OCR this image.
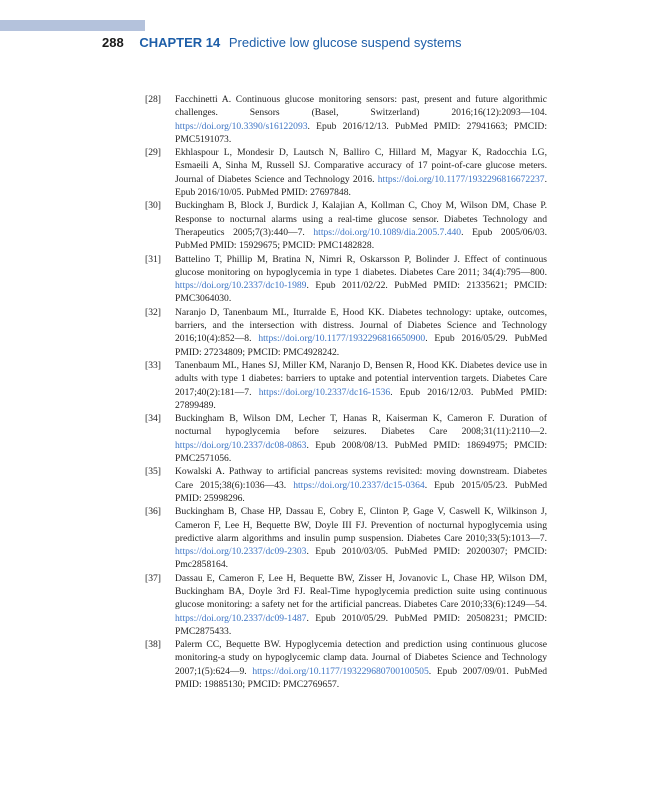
288 CHAPTER 14 Predictive low glucose suspend systems
[28] Facchinetti A. Continuous glucose monitoring sensors: past, present and future algorithmic challenges. Sensors (Basel, Switzerland) 2016;16(12):2093—104. https://doi.org/10.3390/s16122093. Epub 2016/12/13. PubMed PMID: 27941663; PMCID: PMC5191073.
[29] Ekhlaspour L, Mondesir D, Lautsch N, Balliro C, Hillard M, Magyar K, Radocchia LG, Esmaeili A, Sinha M, Russell SJ. Comparative accuracy of 17 point-of-care glucose meters. Journal of Diabetes Science and Technology 2016. https://doi.org/10.1177/1932296816672237. Epub 2016/10/05. PubMed PMID: 27697848.
[30] Buckingham B, Block J, Burdick J, Kalajian A, Kollman C, Choy M, Wilson DM, Chase P. Response to nocturnal alarms using a real-time glucose sensor. Diabetes Technology and Therapeutics 2005;7(3):440—7. https://doi.org/10.1089/dia.2005.7.440. Epub 2005/06/03. PubMed PMID: 15929675; PMCID: PMC1482828.
[31] Battelino T, Phillip M, Bratina N, Nimri R, Oskarsson P, Bolinder J. Effect of continuous glucose monitoring on hypoglycemia in type 1 diabetes. Diabetes Care 2011; 34(4):795—800. https://doi.org/10.2337/dc10-1989. Epub 2011/02/22. PubMed PMID: 21335621; PMCID: PMC3064030.
[32] Naranjo D, Tanenbaum ML, Iturralde E, Hood KK. Diabetes technology: uptake, outcomes, barriers, and the intersection with distress. Journal of Diabetes Science and Technology 2016;10(4):852—8. https://doi.org/10.1177/1932296816650900. Epub 2016/05/29. PubMed PMID: 27234809; PMCID: PMC4928242.
[33] Tanenbaum ML, Hanes SJ, Miller KM, Naranjo D, Bensen R, Hood KK. Diabetes device use in adults with type 1 diabetes: barriers to uptake and potential intervention targets. Diabetes Care 2017;40(2):181—7. https://doi.org/10.2337/dc16-1536. Epub 2016/12/03. PubMed PMID: 27899489.
[34] Buckingham B, Wilson DM, Lecher T, Hanas R, Kaiserman K, Cameron F. Duration of nocturnal hypoglycemia before seizures. Diabetes Care 2008;31(11):2110—2. https://doi.org/10.2337/dc08-0863. Epub 2008/08/13. PubMed PMID: 18694975; PMCID: PMC2571056.
[35] Kowalski A. Pathway to artificial pancreas systems revisited: moving downstream. Diabetes Care 2015;38(6):1036—43. https://doi.org/10.2337/dc15-0364. Epub 2015/05/23. PubMed PMID: 25998296.
[36] Buckingham B, Chase HP, Dassau E, Cobry E, Clinton P, Gage V, Caswell K, Wilkinson J, Cameron F, Lee H, Bequette BW, Doyle III FJ. Prevention of nocturnal hypoglycemia using predictive alarm algorithms and insulin pump suspension. Diabetes Care 2010;33(5):1013—7. https://doi.org/10.2337/dc09-2303. Epub 2010/03/05. PubMed PMID: 20200307; PMCID: Pmc2858164.
[37] Dassau E, Cameron F, Lee H, Bequette BW, Zisser H, Jovanovic L, Chase HP, Wilson DM, Buckingham BA, Doyle 3rd FJ. Real-Time hypoglycemia prediction suite using continuous glucose monitoring: a safety net for the artificial pancreas. Diabetes Care 2010;33(6):1249—54. https://doi.org/10.2337/dc09-1487. Epub 2010/05/29. PubMed PMID: 20508231; PMCID: PMC2875433.
[38] Palerm CC, Bequette BW. Hypoglycemia detection and prediction using continuous glucose monitoring-a study on hypoglycemic clamp data. Journal of Diabetes Science and Technology 2007;1(5):624—9. https://doi.org/10.1177/193229680700100505. Epub 2007/09/01. PubMed PMID: 19885130; PMCID: PMC2769657.
